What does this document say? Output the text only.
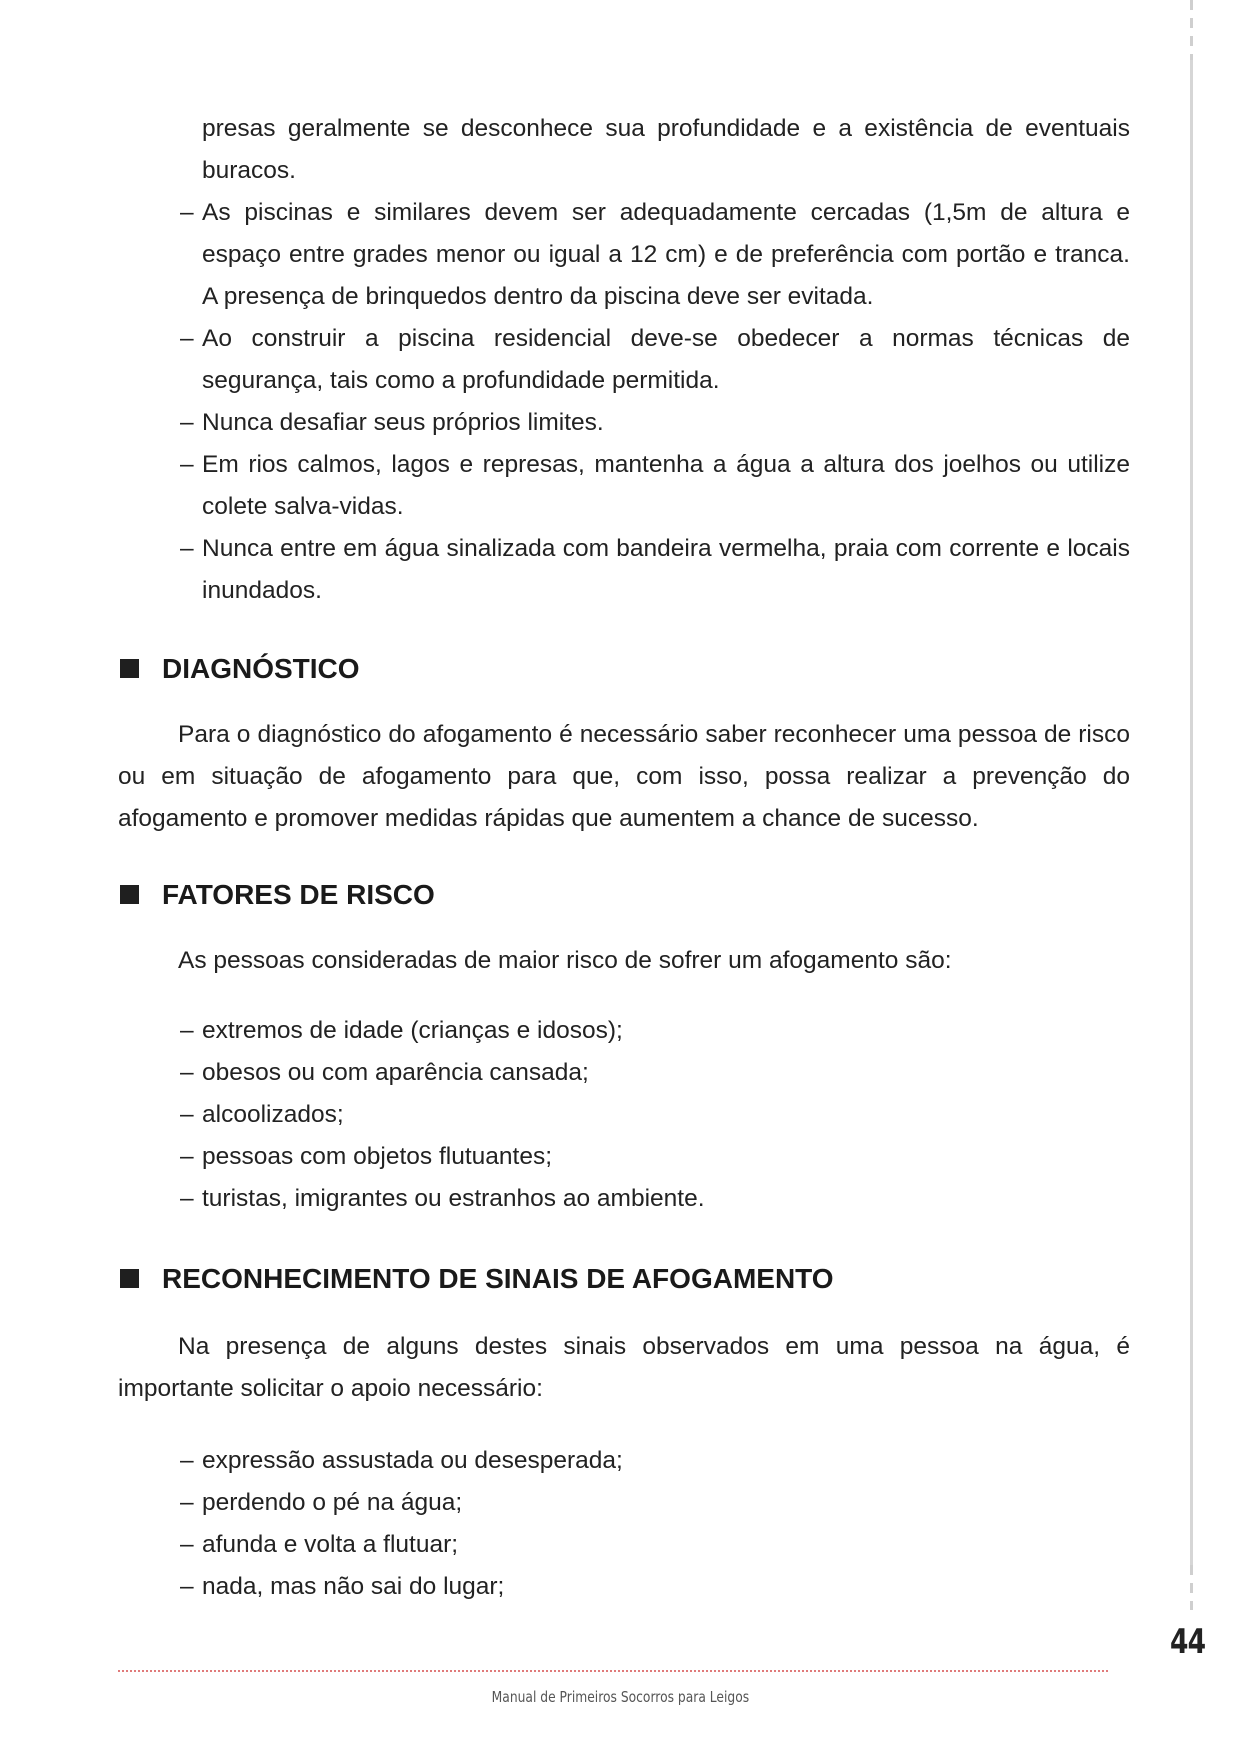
presas geralmente se desconhece sua profundidade e a existência de eventuais buracos.
– As piscinas e similares devem ser adequadamente cercadas (1,5m de altura e espaço entre grades menor ou igual a 12 cm) e de preferência com portão e tranca. A presença de brinquedos dentro da piscina deve ser evitada.
– Ao construir a piscina residencial deve-se obedecer a normas técnicas de segurança, tais como a profundidade permitida.
– Nunca desafiar seus próprios limites.
– Em rios calmos, lagos e represas, mantenha a água a altura dos joelhos ou utilize colete salva-vidas.
– Nunca entre em água sinalizada com bandeira vermelha, praia com corrente e locais inundados.
DIAGNÓSTICO

Para o diagnóstico do afogamento é necessário saber reconhecer uma pessoa de risco ou em situação de afogamento para que, com isso, possa realizar a prevenção do afogamento e promover medidas rápidas que aumentem a chance de sucesso.

FATORES DE RISCO

As pessoas consideradas de maior risco de sofrer um afogamento são:

– extremos de idade (crianças e idosos);
– obesos ou com aparência cansada;
– alcoolizados;
– pessoas com objetos flutuantes;
– turistas, imigrantes ou estranhos ao ambiente.
RECONHECIMENTO DE SINAIS DE AFOGAMENTO

Na presença de alguns destes sinais observados em uma pessoa na água, é importante solicitar o apoio necessário:

– expressão assustada ou desesperada;
– perdendo o pé na água;
– afunda e volta a flutuar;
– nada, mas não sai do lugar;
44
Manual de Primeiros Socorros para Leigos
